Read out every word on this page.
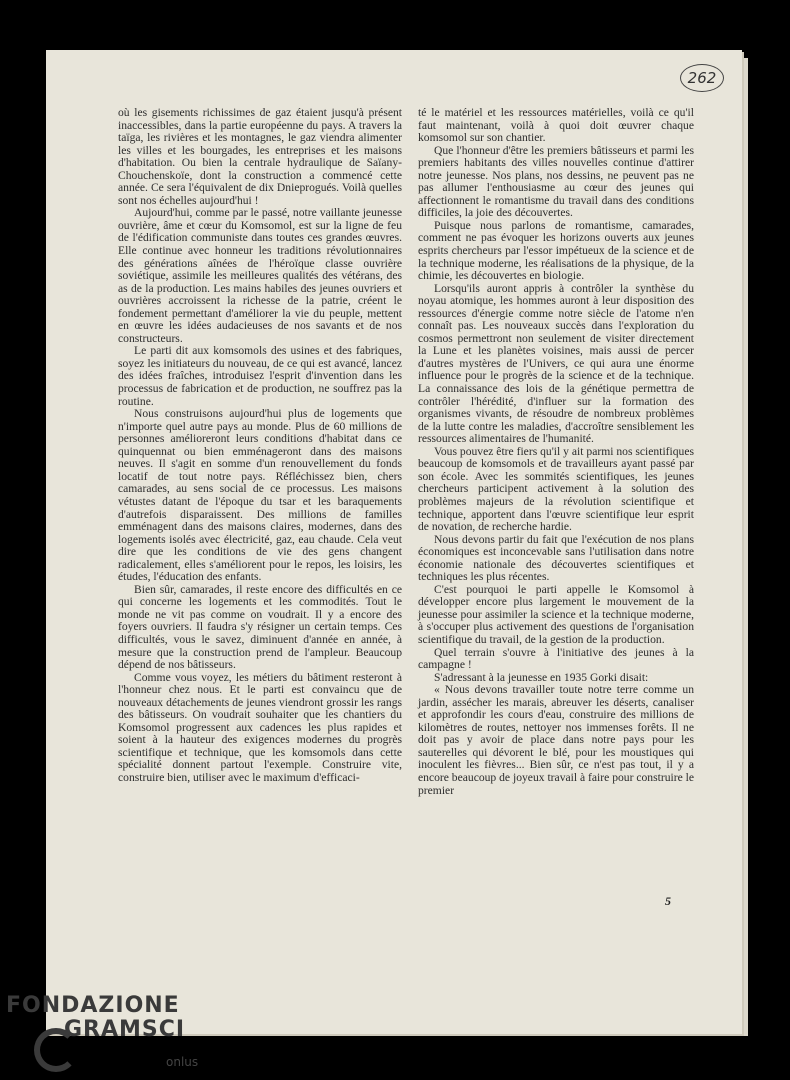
262

où les gisements richissimes de gaz étaient jusqu'à présent inaccessibles, dans la partie européenne du pays. A travers la taïga, les rivières et les montagnes, le gaz viendra alimenter les villes et les bourgades, les entreprises et les maisons d'habitation. Ou bien la centrale hydraulique de Saïany-Chouchenskoïe, dont la construction a commencé cette année. Ce sera l'équivalent de dix Dnieprogués. Voilà quelles sont nos échelles aujourd'hui !

Aujourd'hui, comme par le passé, notre vaillante jeunesse ouvrière, âme et cœur du Komsomol, est sur la ligne de feu de l'édification communiste dans toutes ces grandes œuvres. Elle continue avec honneur les traditions révolutionnaires des générations aînées de l'héroïque classe ouvrière soviétique, assimile les meilleures qualités des vétérans, des as de la production. Les mains habiles des jeunes ouvriers et ouvrières accroissent la richesse de la patrie, créent le fondement permettant d'améliorer la vie du peuple, mettent en œuvre les idées audacieuses de nos savants et de nos constructeurs.

Le parti dit aux komsomols des usines et des fabriques, soyez les initiateurs du nouveau, de ce qui est avancé, lancez des idées fraîches, introduisez l'esprit d'invention dans les processus de fabrication et de production, ne souffrez pas la routine.

Nous construisons aujourd'hui plus de logements que n'importe quel autre pays au monde. Plus de 60 millions de personnes amélioreront leurs conditions d'habitat dans ce quinquennat ou bien emménageront dans des maisons neuves. Il s'agit en somme d'un renouvellement du fonds locatif de tout notre pays. Réfléchissez bien, chers camarades, au sens social de ce processus. Les maisons vétustes datant de l'époque du tsar et les baraquements d'autrefois disparaissent. Des millions de familles emménagent dans des maisons claires, modernes, dans des logements isolés avec électricité, gaz, eau chaude. Cela veut dire que les conditions de vie des gens changent radicalement, elles s'améliorent pour le repos, les loisirs, les études, l'éducation des enfants.

Bien sûr, camarades, il reste encore des difficultés en ce qui concerne les logements et les commodités. Tout le monde ne vit pas comme on voudrait. Il y a encore des foyers ouvriers. Il faudra s'y résigner un certain temps. Ces difficultés, vous le savez, diminuent d'année en année, à mesure que la construction prend de l'ampleur. Beaucoup dépend de nos bâtisseurs.

Comme vous voyez, les métiers du bâtiment resteront à l'honneur chez nous. Et le parti est convaincu que de nouveaux détachements de jeunes viendront grossir les rangs des bâtisseurs. On voudrait souhaiter que les chantiers du Komsomol progressent aux cadences les plus rapides et soient à la hauteur des exigences modernes du progrès scientifique et technique, que les komsomols dans cette spécialité donnent partout l'exemple. Construire vite, construire bien, utiliser avec le maximum d'efficaci-

té le matériel et les ressources matérielles, voilà ce qu'il faut maintenant, voilà à quoi doit œuvrer chaque komsomol sur son chantier.

Que l'honneur d'être les premiers bâtisseurs et parmi les premiers habitants des villes nouvelles continue d'attirer notre jeunesse. Nos plans, nos dessins, ne peuvent pas ne pas allumer l'enthousiasme au cœur des jeunes qui affectionnent le romantisme du travail dans des conditions difficiles, la joie des découvertes.

Puisque nous parlons de romantisme, camarades, comment ne pas évoquer les horizons ouverts aux jeunes esprits chercheurs par l'essor impétueux de la science et de la technique moderne, les réalisations de la physique, de la chimie, les découvertes en biologie.

Lorsqu'ils auront appris à contrôler la synthèse du noyau atomique, les hommes auront à leur disposition des ressources d'énergie comme notre siècle de l'atome n'en connaît pas. Les nouveaux succès dans l'exploration du cosmos permettront non seulement de visiter directement la Lune et les planètes voisines, mais aussi de percer d'autres mystères de l'Univers, ce qui aura une énorme influence pour le progrès de la science et de la technique. La connaissance des lois de la génétique permettra de contrôler l'hérédité, d'influer sur la formation des organismes vivants, de résoudre de nombreux problèmes de la lutte contre les maladies, d'accroître sensiblement les ressources alimentaires de l'humanité.

Vous pouvez être fiers qu'il y ait parmi nos scientifiques beaucoup de komsomols et de travailleurs ayant passé par son école. Avec les sommités scientifiques, les jeunes chercheurs participent activement à la solution des problèmes majeurs de la révolution scientifique et technique, apportent dans l'œuvre scientifique leur esprit de novation, de recherche hardie.

Nous devons partir du fait que l'exécution de nos plans économiques est inconcevable sans l'utilisation dans notre économie nationale des découvertes scientifiques et techniques les plus récentes.

C'est pourquoi le parti appelle le Komsomol à développer encore plus largement le mouvement de la jeunesse pour assimiler la science et la technique moderne, à s'occuper plus activement des questions de l'organisation scientifique du travail, de la gestion de la production.

Quel terrain s'ouvre à l'initiative des jeunes à la campagne !

S'adressant à la jeunesse en 1935 Gorki disait:

« Nous devons travailler toute notre terre comme un jardin, assécher les marais, abreuver les déserts, canaliser et approfondir les cours d'eau, construire des millions de kilomètres de routes, nettoyer nos immenses forêts. Il ne doit pas y avoir de place dans notre pays pour les sauterelles qui dévorent le blé, pour les moustiques qui inoculent les fièvres... Bien sûr, ce n'est pas tout, il y a encore beaucoup de joyeux travail à faire pour construire le premier

5
FONDAZIONE
GRAMSCI
onlus
